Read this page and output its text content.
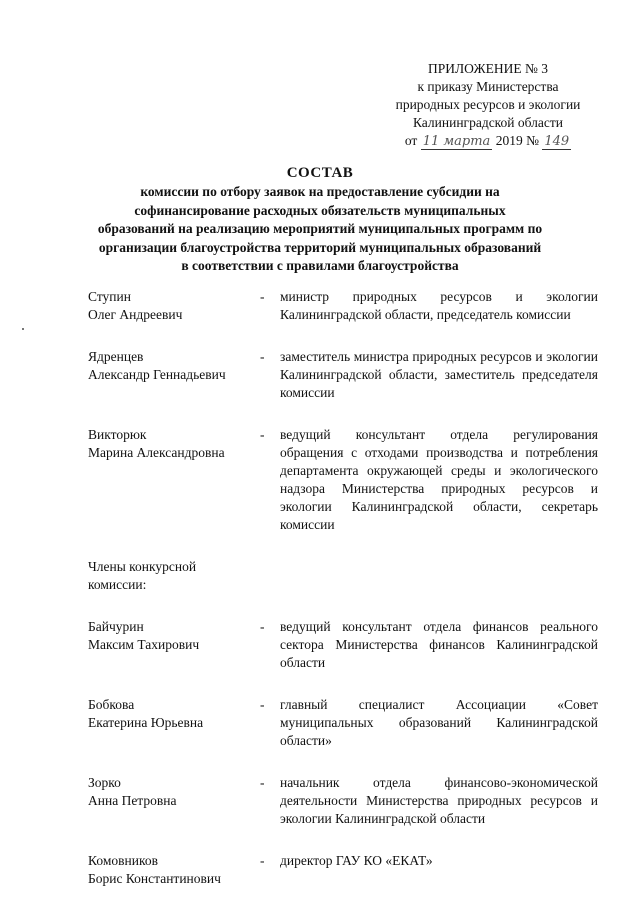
ПРИЛОЖЕНИЕ № 3
к приказу Министерства
природных ресурсов и экологии
Калининградской области
от 11 марта 2019 № 149
СОСТАВ
комиссии по отбору заявок на предоставление субсидии на
софинансирование расходных обязательств муниципальных
образований на реализацию мероприятий муниципальных программ по
организации благоустройства территорий муниципальных образований
в соответствии с правилами благоустройства
Ступин
Олег Андреевич
-	министр природных ресурсов и экологии Калининградской области, председатель комиссии
Ядренцев
Александр Геннадьевич
-	заместитель министра природных ресурсов и экологии Калининградской области, заместитель председателя комиссии
Викторюк
Марина Александровна
-	ведущий консультант отдела регулирования обращения с отходами производства и потребления департамента окружающей среды и экологического надзора Министерства природных ресурсов и экологии Калининградской области, секретарь комиссии
Члены конкурсной комиссии:
Байчурин
Максим Тахирович
-	ведущий консультант отдела финансов реального сектора Министерства финансов Калининградской области
Бобкова
Екатерина Юрьевна
-	главный специалист Ассоциации «Совет муниципальных образований Калининградской области»
Зорко
Анна Петровна
-	начальник отдела финансово-экономической деятельности Министерства природных ресурсов и экологии Калининградской области
Комовников
Борис Константинович
-	директор ГАУ КО «ЕКАТ»
